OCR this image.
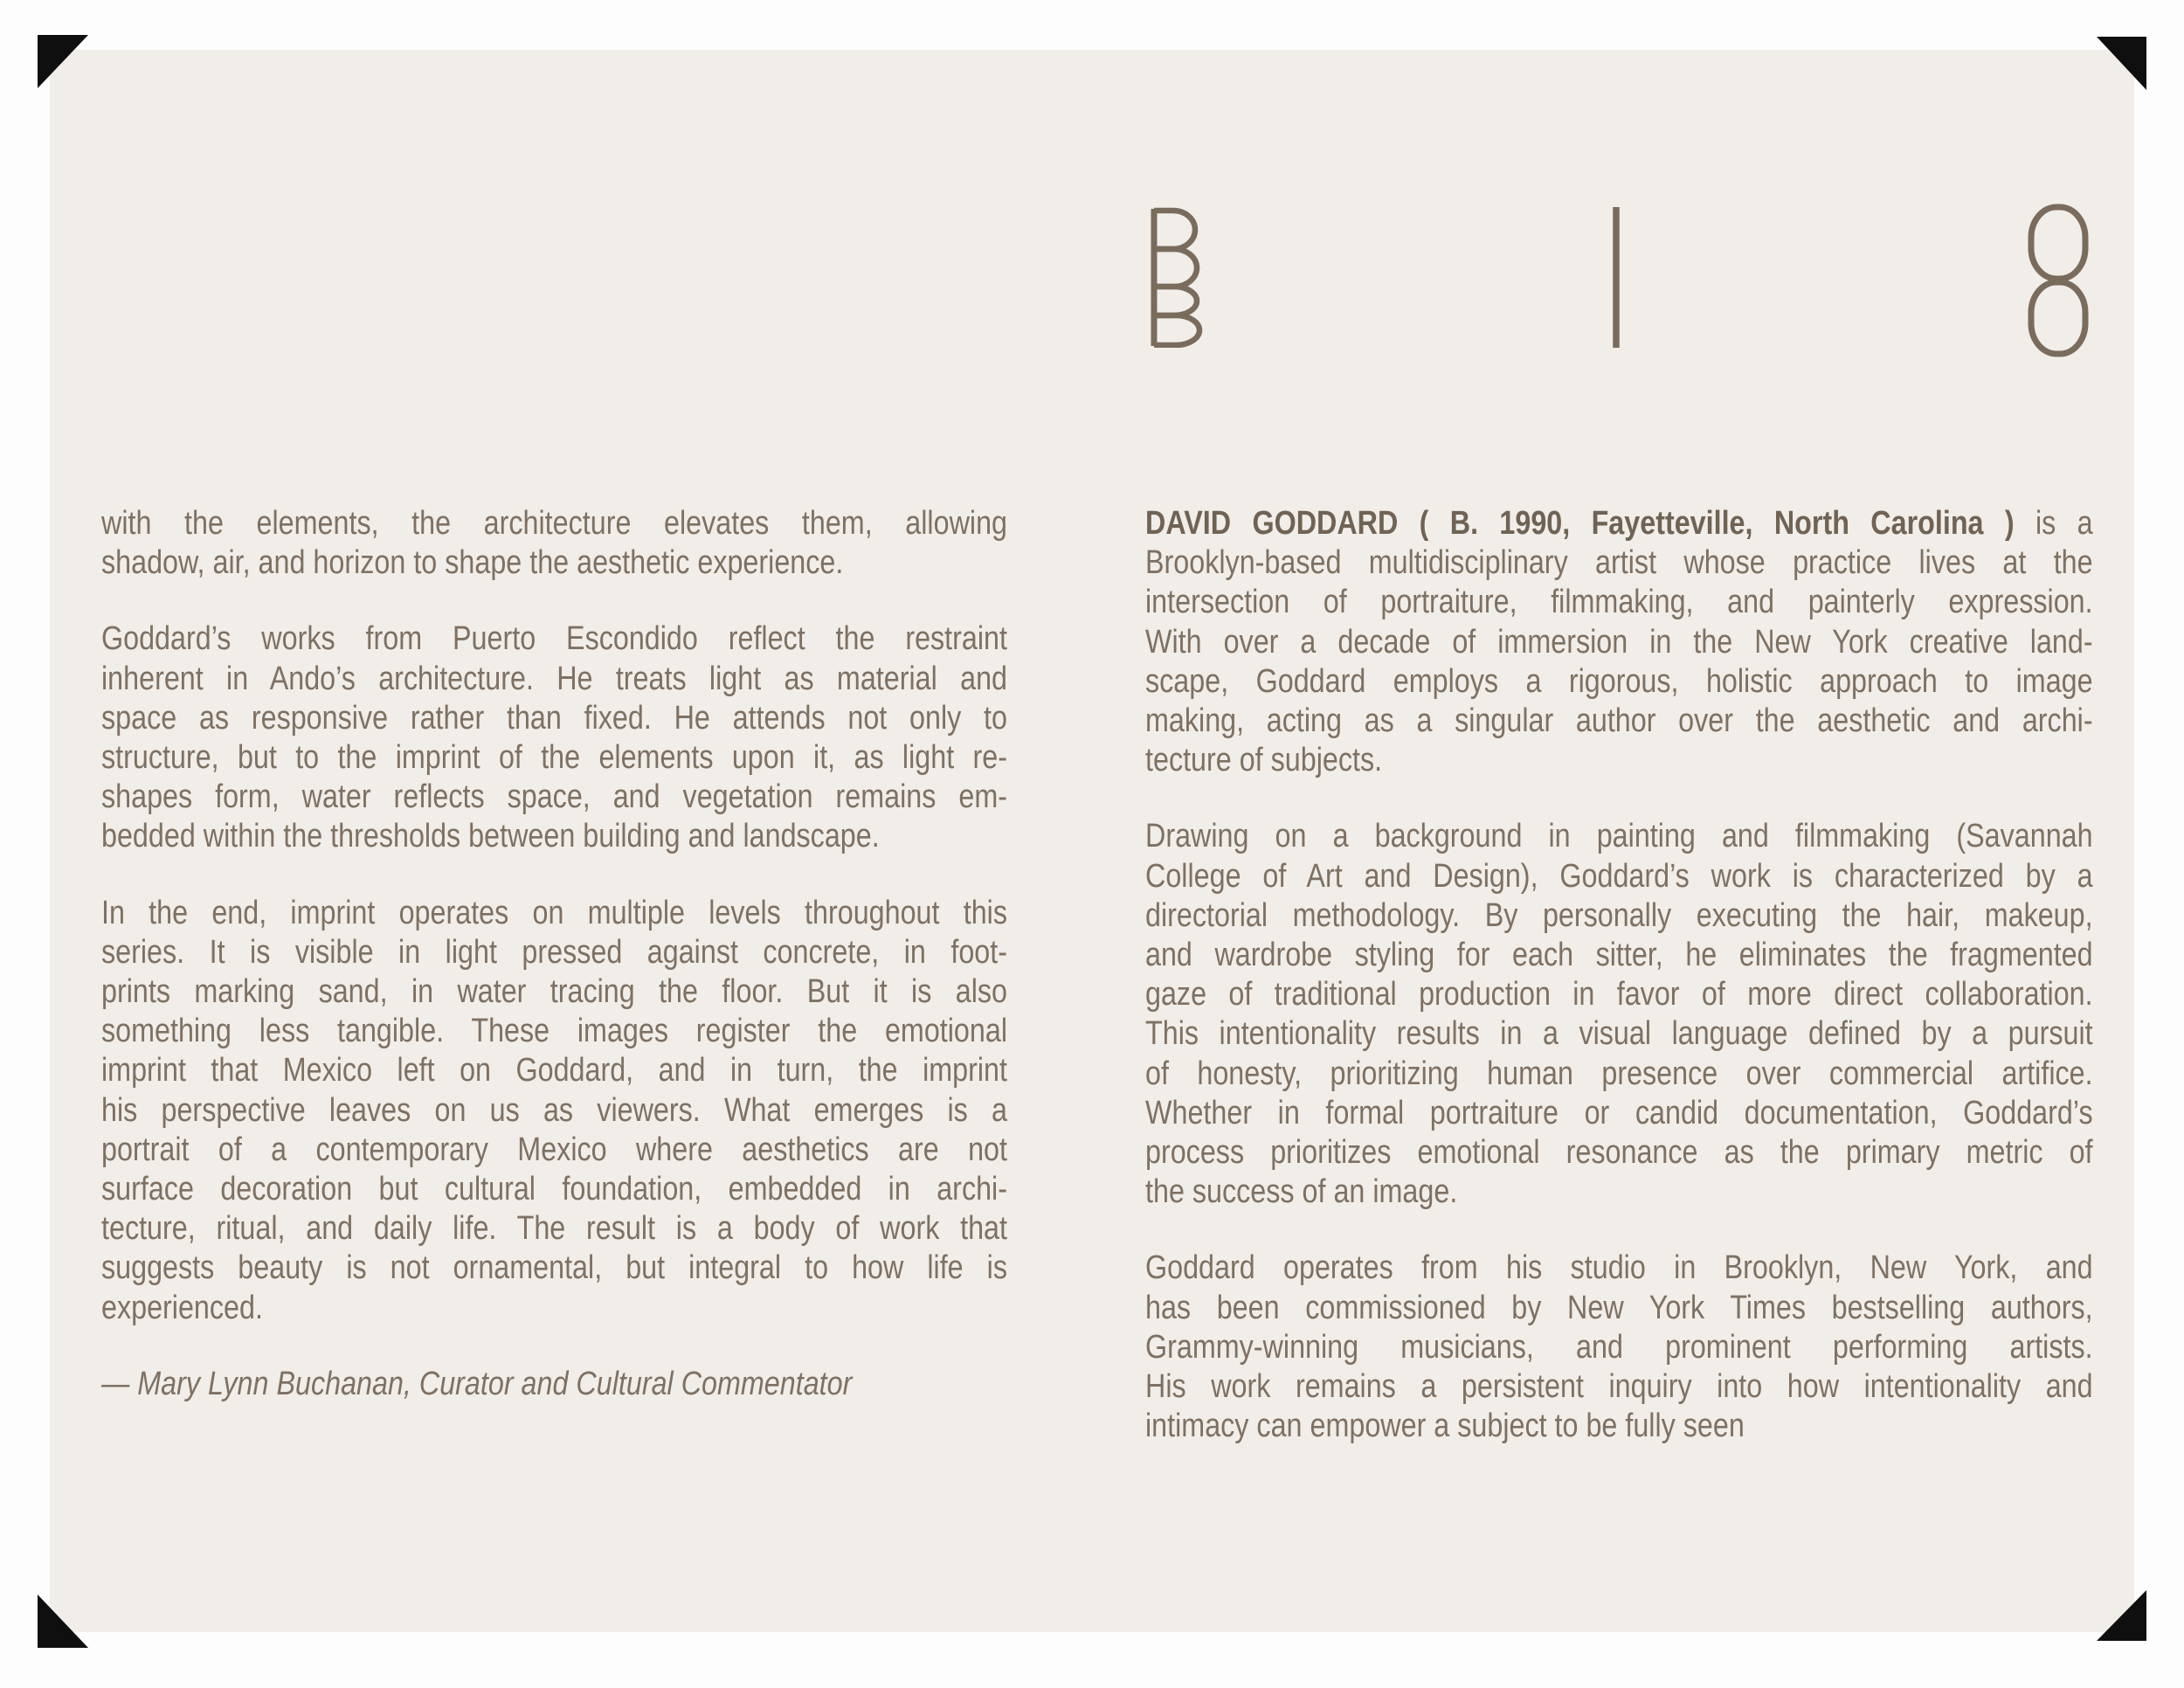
with the elements, the architecture elevates them, allowing
shadow, air, and horizon to shape the aesthetic experience.
Goddard’s works from Puerto Escondido reflect the restraint
inherent in Ando’s architecture. He treats light as material and
space as responsive rather than fixed. He attends not only to
structure, but to the imprint of the elements upon it, as light re-
shapes form, water reflects space, and vegetation remains em-
bedded within the thresholds between building and landscape.
In the end, imprint operates on multiple levels throughout this
series. It is visible in light pressed against concrete, in foot-
prints marking sand, in water tracing the floor. But it is also
something less tangible. These images register the emotional
imprint that Mexico left on Goddard, and in turn, the imprint
his perspective leaves on us as viewers. What emerges is a
portrait of a contemporary Mexico where aesthetics are not
surface decoration but cultural foundation, embedded in archi-
tecture, ritual, and daily life. The result is a body of work that
suggests beauty is not ornamental, but integral to how life is
experienced.
— Mary Lynn Buchanan, Curator and Cultural Commentator
DAVID GODDARD ( B. 1990, Fayetteville, North Carolina ) is a
Brooklyn-based multidisciplinary artist whose practice lives at the
intersection of portraiture, filmmaking, and painterly expression.
With over a decade of immersion in the New York creative land-
scape, Goddard employs a rigorous, holistic approach to image
making, acting as a singular author over the aesthetic and archi-
tecture of subjects.
Drawing on a background in painting and filmmaking (Savannah
College of Art and Design), Goddard’s work is characterized by a
directorial methodology. By personally executing the hair, makeup,
and wardrobe styling for each sitter, he eliminates the fragmented
gaze of traditional production in favor of more direct collaboration.
This intentionality results in a visual language defined by a pursuit
of honesty, prioritizing human presence over commercial artifice.
Whether in formal portraiture or candid documentation, Goddard’s
process prioritizes emotional resonance as the primary metric of
the success of an image.
Goddard operates from his studio in Brooklyn, New York, and
has been commissioned by New York Times bestselling authors,
Grammy-winning musicians, and prominent performing artists.
His work remains a persistent inquiry into how intentionality and
intimacy can empower a subject to be fully seen
